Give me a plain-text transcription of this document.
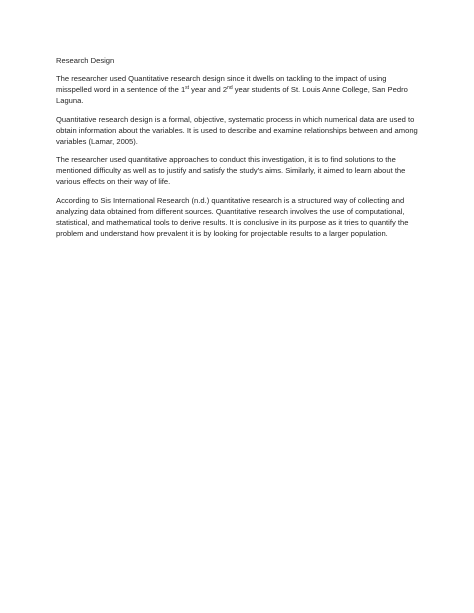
Research Design

The researcher used Quantitative research design since it dwells on tackling to the impact of using misspelled word in a sentence of the 1st year and 2nd year students of St. Louis Anne College, San Pedro Laguna.

Quantitative research design is a formal, objective, systematic process in which numerical data are used to obtain information about the variables. It is used to describe and examine relationships between and among variables (Lamar, 2005).

The researcher used quantitative approaches to conduct this investigation, it is to find solutions to the mentioned difficulty as well as to justify and satisfy the study's aims. Similarly, it aimed to learn about the various effects on their way of life.

According to Sis International Research (n.d.) quantitative research is a structured way of collecting and analyzing data obtained from different sources. Quantitative research involves the use of computational, statistical, and mathematical tools to derive results. It is conclusive in its purpose as it tries to quantify the problem and understand how prevalent it is by looking for projectable results to a larger population.
